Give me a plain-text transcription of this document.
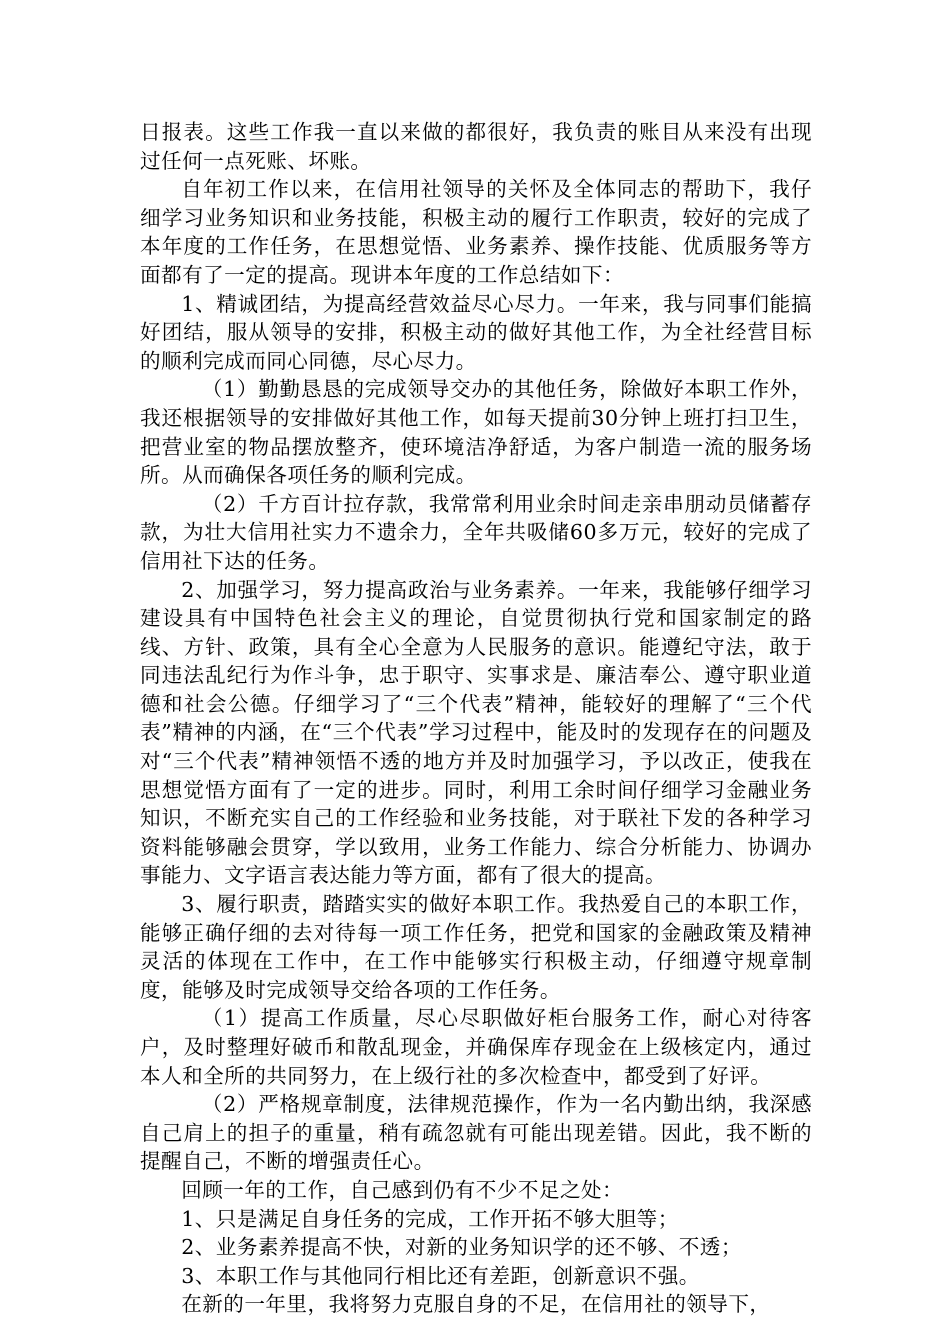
日报表。这些工作我一直以来做的都很好，我负责的账目从来没有出现过任何一点死账、坏账。

自年初工作以来，在信用社领导的关怀及全体同志的帮助下，我仔细学习业务知识和业务技能，积极主动的履行工作职责，较好的完成了本年度的工作任务，在思想觉悟、业务素养、操作技能、优质服务等方面都有了一定的提高。现讲本年度的工作总结如下：

1、精诚团结，为提高经营效益尽心尽力。一年来，我与同事们能搞好团结，服从领导的安排，积极主动的做好其他工作，为全社经营目标的顺利完成而同心同德，尽心尽力。

（1）勤勤恳恳的完成领导交办的其他任务，除做好本职工作外，我还根据领导的安排做好其他工作，如每天提前30分钟上班打扫卫生，把营业室的物品摆放整齐，使环境洁净舒适，为客户制造一流的服务场所。从而确保各项任务的顺利完成。

（2）千方百计拉存款，我常常利用业余时间走亲串朋动员储蓄存款，为壮大信用社实力不遗余力，全年共吸储60多万元，较好的完成了信用社下达的任务。

2、加强学习，努力提高政治与业务素养。一年来，我能够仔细学习建设具有中国特色社会主义的理论，自觉贯彻执行党和国家制定的路线、方针、政策，具有全心全意为人民服务的意识。能遵纪守法，敢于同违法乱纪行为作斗争，忠于职守、实事求是、廉洁奉公、遵守职业道德和社会公德。仔细学习了“三个代表”精神，能较好的理解了“三个代表”精神的内涵，在“三个代表”学习过程中，能及时的发现存在的问题及对“三个代表”精神领悟不透的地方并及时加强学习，予以改正，使我在思想觉悟方面有了一定的进步。同时，利用工余时间仔细学习金融业务知识，不断充实自己的工作经验和业务技能，对于联社下发的各种学习资料能够融会贯穿，学以致用，业务工作能力、综合分析能力、协调办事能力、文字语言表达能力等方面，都有了很大的提高。

3、履行职责，踏踏实实的做好本职工作。我热爱自己的本职工作，能够正确仔细的去对待每一项工作任务，把党和国家的金融政策及精神灵活的体现在工作中，在工作中能够实行积极主动，仔细遵守规章制度，能够及时完成领导交给各项的工作任务。

（1）提高工作质量，尽心尽职做好柜台服务工作，耐心对待客户，及时整理好破币和散乱现金，并确保库存现金在上级核定内，通过本人和全所的共同努力，在上级行社的多次检查中，都受到了好评。

（2）严格规章制度，法律规范操作，作为一名内勤出纳，我深感自己肩上的担子的重量，稍有疏忽就有可能出现差错。因此，我不断的提醒自己，不断的增强责任心。

回顾一年的工作，自己感到仍有不少不足之处：

1、只是满足自身任务的完成，工作开拓不够大胆等；

2、业务素养提高不快，对新的业务知识学的还不够、不透；

3、本职工作与其他同行相比还有差距，创新意识不强。

在新的一年里，我将努力克服自身的不足，在信用社的领导下，
